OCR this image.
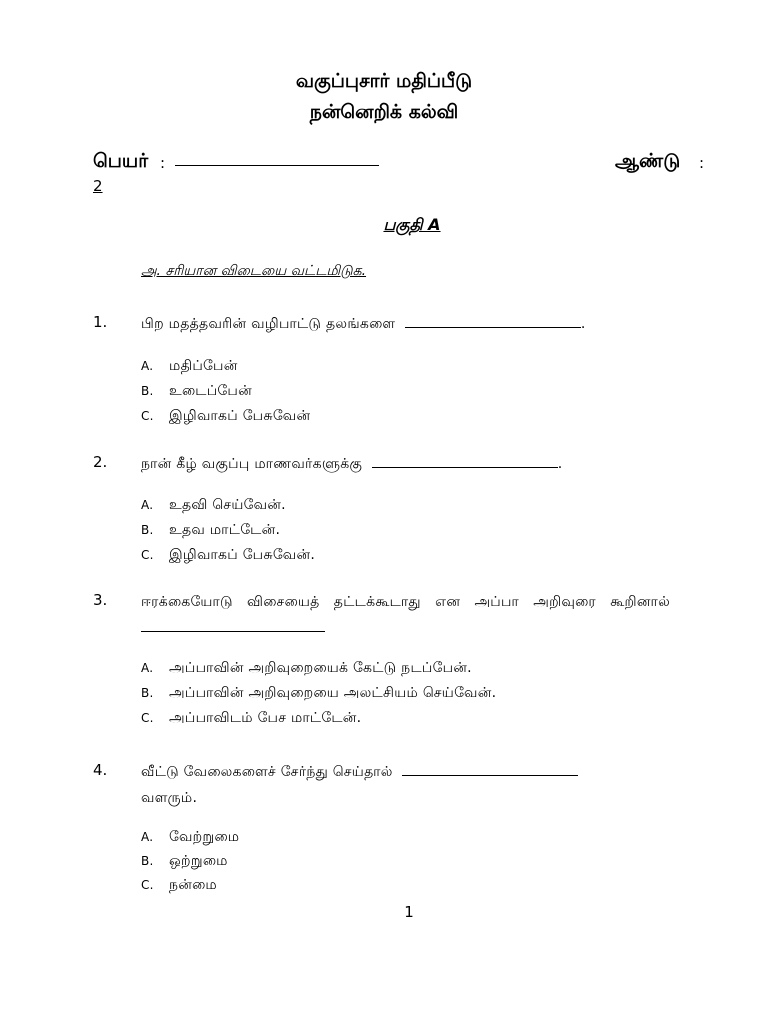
வகுப்புசார் மதிப்பீடு
நன்னெறிக் கல்வி
பெயர் :	ஆண்டு :
2
பகுதி A
அ. சரியான விடையை வட்டமிடுக.
1. பிற மதத்தவரின் வழிபாட்டு தலங்களை	.
A. மதிப்பேன்
B. உடைப்பேன்
C. இழிவாகப் பேசுவேன்
2. நான் கீழ் வகுப்பு மாணவர்களுக்கு	.
A. உதவி செய்வேன்.
B. உதவ மாட்டேன்.
C. இழிவாகப் பேசுவேன்.
3. ஈரக்கையோடு விசையைத் தட்டக்கூடாது என அப்பா அறிவுரை கூறினால்
A. அப்பாவின் அறிவுறையைக் கேட்டு நடப்பேன்.
B. அப்பாவின் அறிவுறையை அலட்சியம் செய்வேன்.
C. அப்பாவிடம் பேச மாட்டேன்.
4. வீட்டு வேலைகளைச் சேர்ந்து செய்தால்
வளரும்.
A. வேற்றுமை
B. ஒற்றுமை
C. நன்மை
1
